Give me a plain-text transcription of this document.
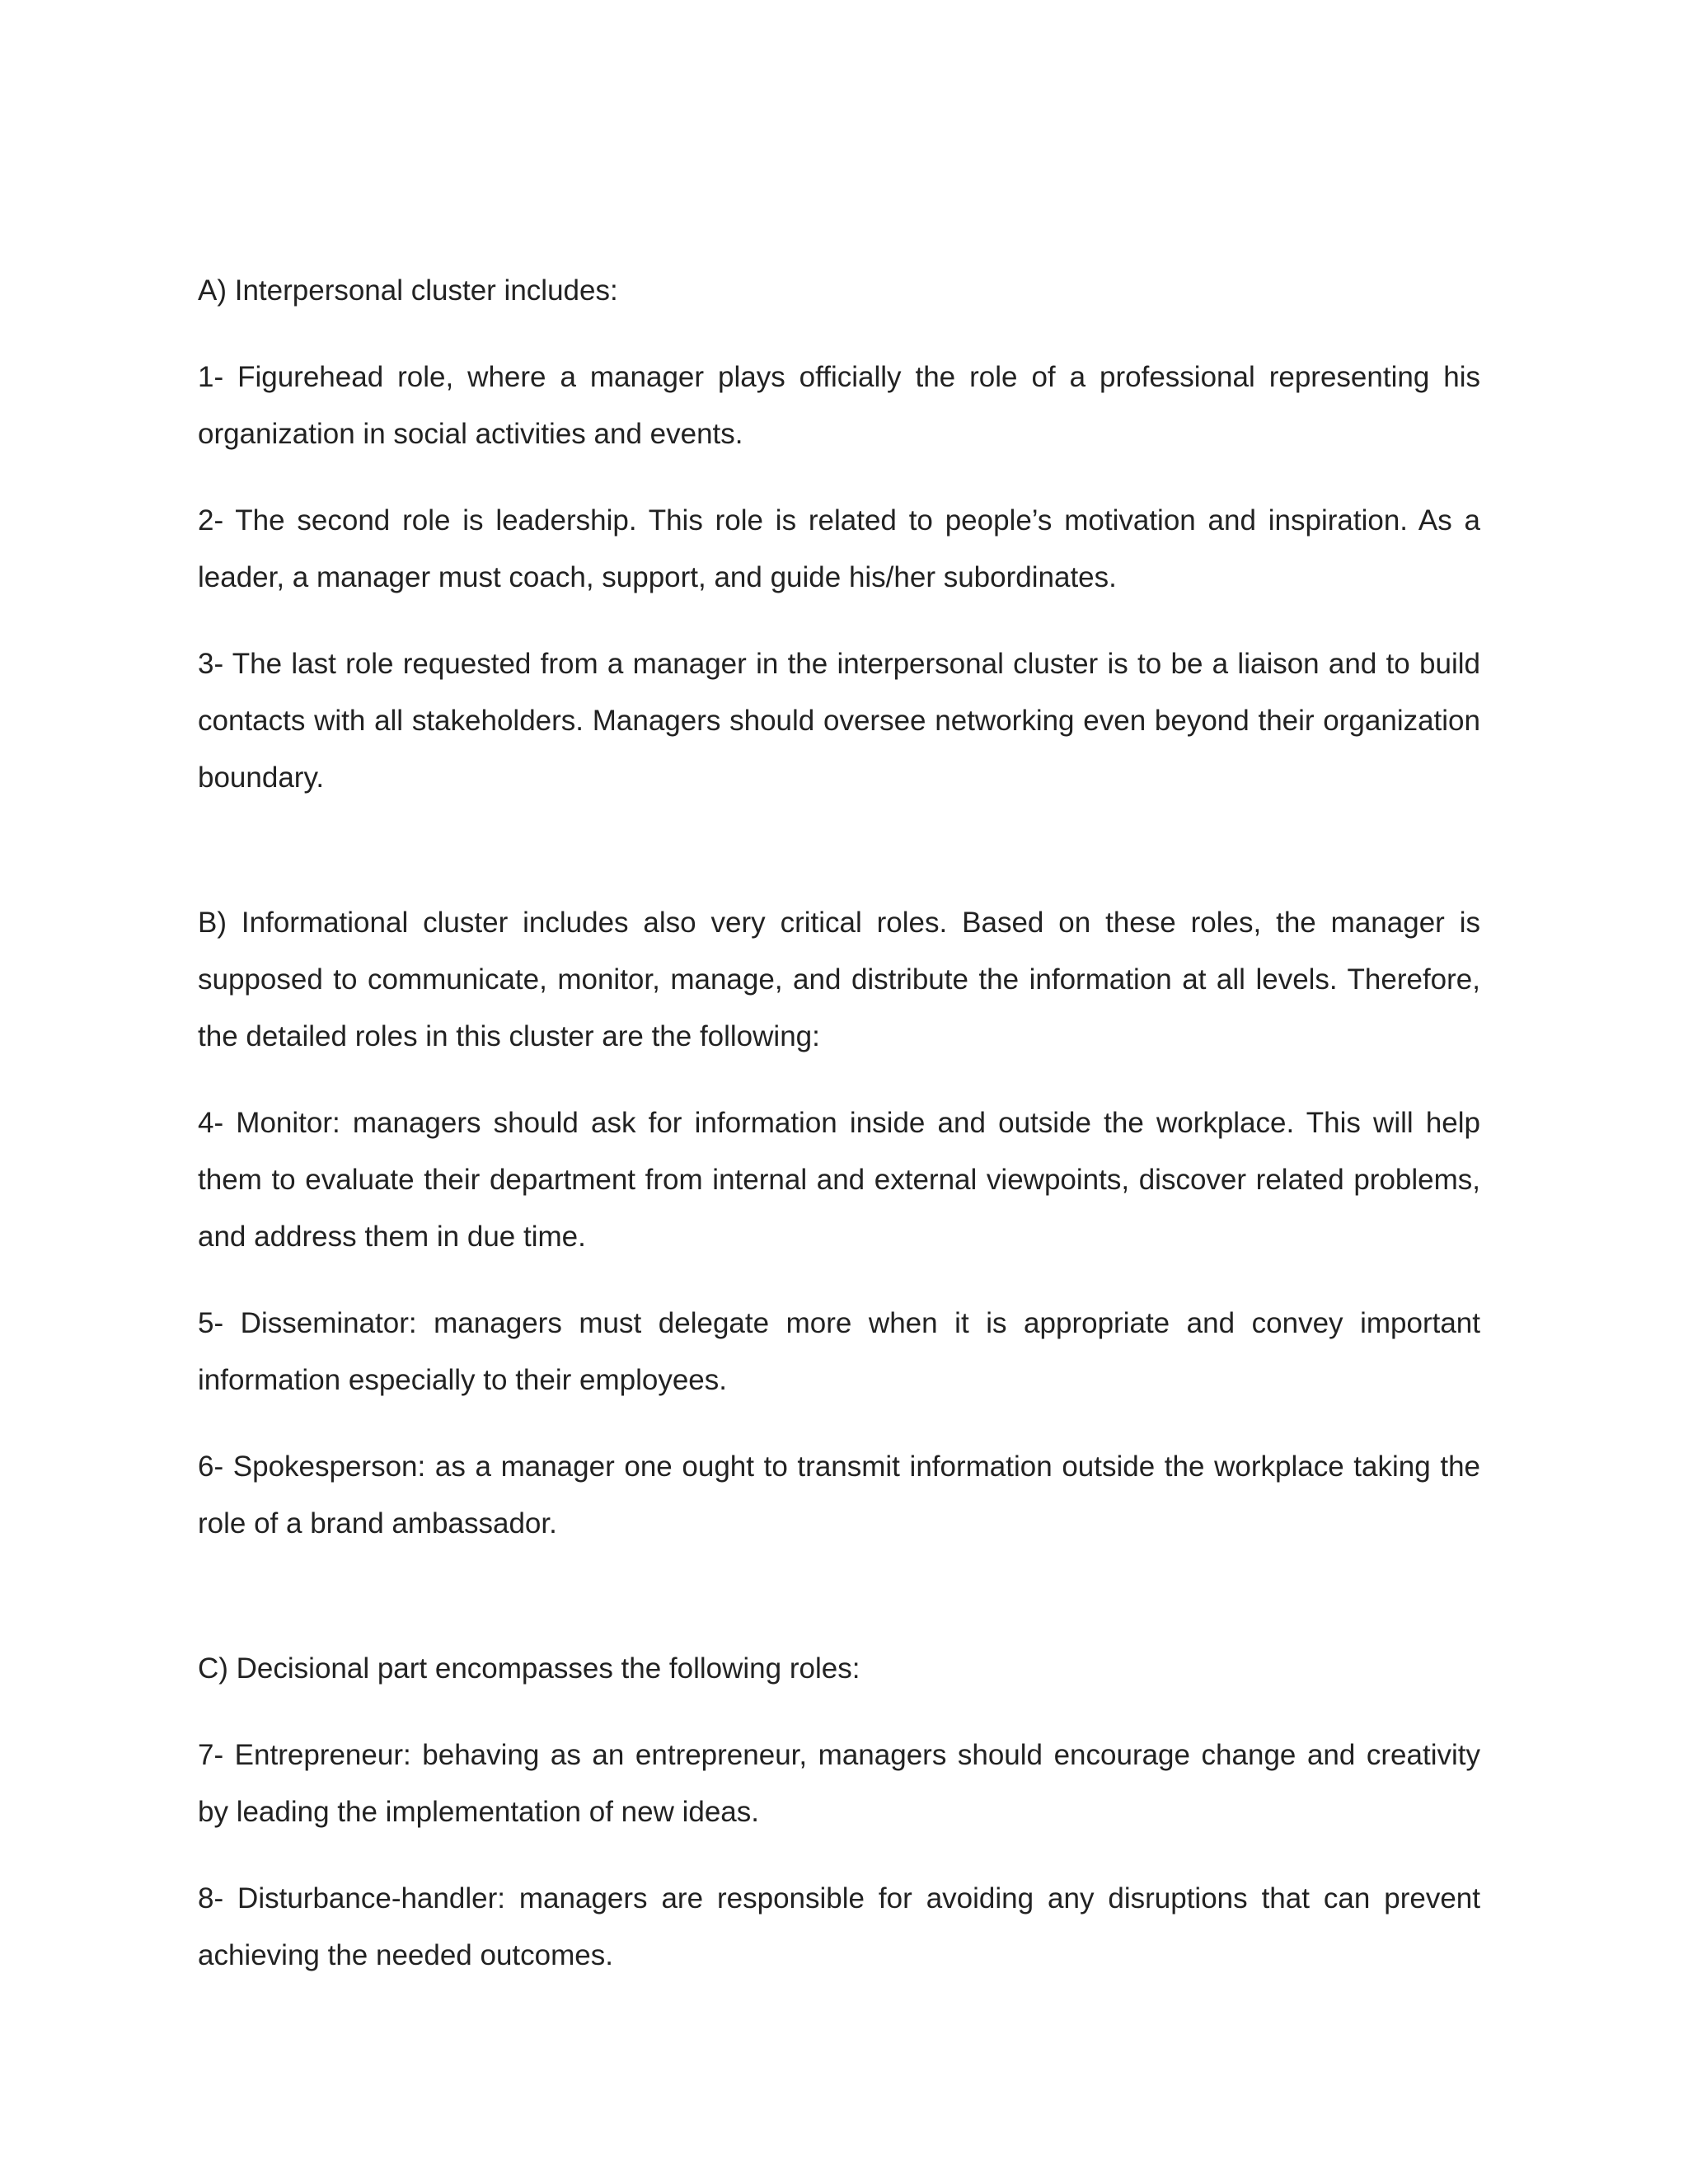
A) Interpersonal cluster includes:

1- Figurehead role, where a manager plays officially the role of a professional representing his organization in social activities and events.

2- The second role is leadership. This role is related to people’s motivation and inspiration. As a leader, a manager must coach, support, and guide his/her subordinates.

3- The last role requested from a manager in the interpersonal cluster is to be a liaison and to build contacts with all stakeholders. Managers should oversee networking even beyond their organization boundary.

B) Informational cluster includes also very critical roles. Based on these roles, the manager is supposed to communicate, monitor, manage, and distribute the information at all levels. Therefore, the detailed roles in this cluster are the following:

4- Monitor: managers should ask for information inside and outside the workplace. This will help them to evaluate their department from internal and external viewpoints, discover related problems, and address them in due time.

5- Disseminator: managers must delegate more when it is appropriate and convey important information especially to their employees.

6- Spokesperson: as a manager one ought to transmit information outside the workplace taking the role of a brand ambassador.

C) Decisional part encompasses the following roles:

7- Entrepreneur: behaving as an entrepreneur, managers should encourage change and creativity by leading the implementation of new ideas.

8- Disturbance-handler: managers are responsible for avoiding any disruptions that can prevent achieving the needed outcomes.
